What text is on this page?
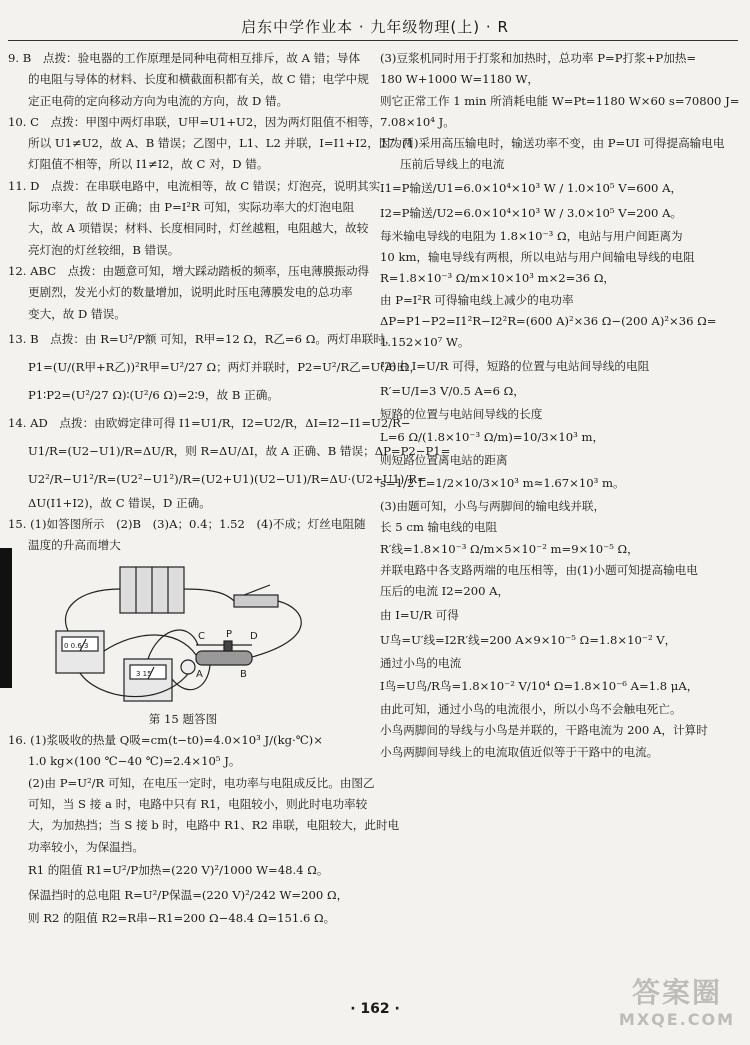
启东中学作业本 · 九年级物理(上) · R
9. B　点拨：验电器的工作原理是同种电荷相互排斥，故 A 错；导体
的电阻与导体的材料、长度和横截面积都有关，故 C 错；电学中规
定正电荷的定向移动方向为电流的方向，故 D 错。
10. C　点拨：甲图中两灯串联，U甲=U1+U2，因为两灯阻值不相等，
所以 U1≠U2，故 A、B 错误；乙图中，L1、L2 并联，I=I1+I2，因为两
灯阻值不相等，所以 I1≠I2，故 C 对，D 错。
11. D　点拨：在串联电路中，电流相等，故 C 错误；灯泡亮，说明其实
际功率大，故 D 正确；由 P=I²R 可知，实际功率大的灯泡电阻
大，故 A 项错误；材料、长度相同时，灯丝越粗，电阻越大，故较
亮灯泡的灯丝较细，B 错误。
12. ABC　点拨：由题意可知，增大踩动踏板的频率，压电薄膜振动得
更剧烈，发光小灯的数量增加，说明此时压电薄膜发电的总功率
变大，故 D 错误。
13. B　点拨：由 R=U²/P额 可知，R甲=12 Ω，R乙=6 Ω。两灯串联时，
P1=(U/(R甲+R乙))²R甲=U²/27 Ω；两灯并联时，P2=U²/R乙=U²/6 Ω，
P1∶P2=(U²/27 Ω)∶(U²/6 Ω)=2∶9，故 B 正确。
14. AD　点拨：由欧姆定律可得 I1=U1/R，I2=U2/R，ΔI=I2−I1=U2/R−
U1/R=(U2−U1)/R=ΔU/R，则 R=ΔU/ΔI，故 A 正确、B 错误；ΔP=P2−P1=
U2²/R−U1²/R=(U2²−U1²)/R=(U2+U1)(U2−U1)/R=ΔU·(U2+U1)/R=
ΔU(I1+I2)，故 C 错误，D 正确。
15. (1)如答图所示　(2)B　(3)A；0.4；1.52　(4)不成；灯丝电阻随
温度的升高而增大
C P D
A	B
0 0.6 3
3 15
第 15 题答图
16. (1)浆吸收的热量 Q吸=cm(t−t0)=4.0×10³ J/(kg·℃)×
1.0 kg×(100 ℃−40 ℃)=2.4×10⁵ J。
(2)由 P=U²/R 可知，在电压一定时，电功率与电阻成反比。由图乙
可知，当 S 接 a 时，电路中只有 R1，电阻较小，则此时电功率较
大，为加热挡；当 S 接 b 时，电路中 R1、R2 串联，电阻较大，此时电
功率较小，为保温挡。
R1 的阻值 R1=U²/P加热=(220 V)²/1000 W=48.4 Ω。
保温挡时的总电阻 R=U²/P保温=(220 V)²/242 W=200 Ω，
则 R2 的阻值 R2=R串−R1=200 Ω−48.4 Ω=151.6 Ω。
(3)豆浆机同时用于打浆和加热时，总功率 P=P打浆+P加热=
180 W+1000 W=1180 W，
则它正常工作 1 min 所消耗电能 W=Pt=1180 W×60 s=70800 J=
7.08×10⁴ J。
17. (1)采用高压输电时，输送功率不变，由 P=UI 可得提高输电电
压前后导线上的电流
I1=P输送/U1=6.0×10⁴×10³ W / 1.0×10⁵ V=600 A，
I2=P输送/U2=6.0×10⁴×10³ W / 3.0×10⁵ V=200 A。
每米输电导线的电阻为 1.8×10⁻³ Ω，电站与用户间距离为
10 km，输电导线有两根，所以电站与用户间输电导线的电阻
R=1.8×10⁻³ Ω/m×10×10³ m×2=36 Ω，
由 P=I²R 可得输电线上减少的电功率
ΔP=P1−P2=I1²R−I2²R=(600 A)²×36 Ω−(200 A)²×36 Ω=
1.152×10⁷ W。
(2)由 I=U/R 可得，短路的位置与电站间导线的电阻
R′=U/I=3 V/0.5 A=6 Ω，
短路的位置与电站间导线的长度
L=6 Ω/(1.8×10⁻³ Ω/m)=10/3×10³ m，
则短路位置离电站的距离
s=1/2 L=1/2×10/3×10³ m≈1.67×10³ m。
(3)由题可知，小鸟与两脚间的输电线并联，
长 5 cm 输电线的电阻
R′线=1.8×10⁻³ Ω/m×5×10⁻² m=9×10⁻⁵ Ω，
并联电路中各支路两端的电压相等，由(1)小题可知提高输电电
压后的电流 I2=200 A，
由 I=U/R 可得
U鸟=U′线=I2R′线=200 A×9×10⁻⁵ Ω=1.8×10⁻² V，
通过小鸟的电流
I鸟=U鸟/R鸟=1.8×10⁻² V/10⁴ Ω=1.8×10⁻⁶ A=1.8 μA，
由此可知，通过小鸟的电流很小，所以小鸟不会触电死亡。
小鸟两脚间的导线与小鸟是并联的，干路电流为 200 A，计算时
小鸟两脚间导线上的电流取值近似等于干路中的电流。
· 162 ·	答案圈
MXQE.COM
